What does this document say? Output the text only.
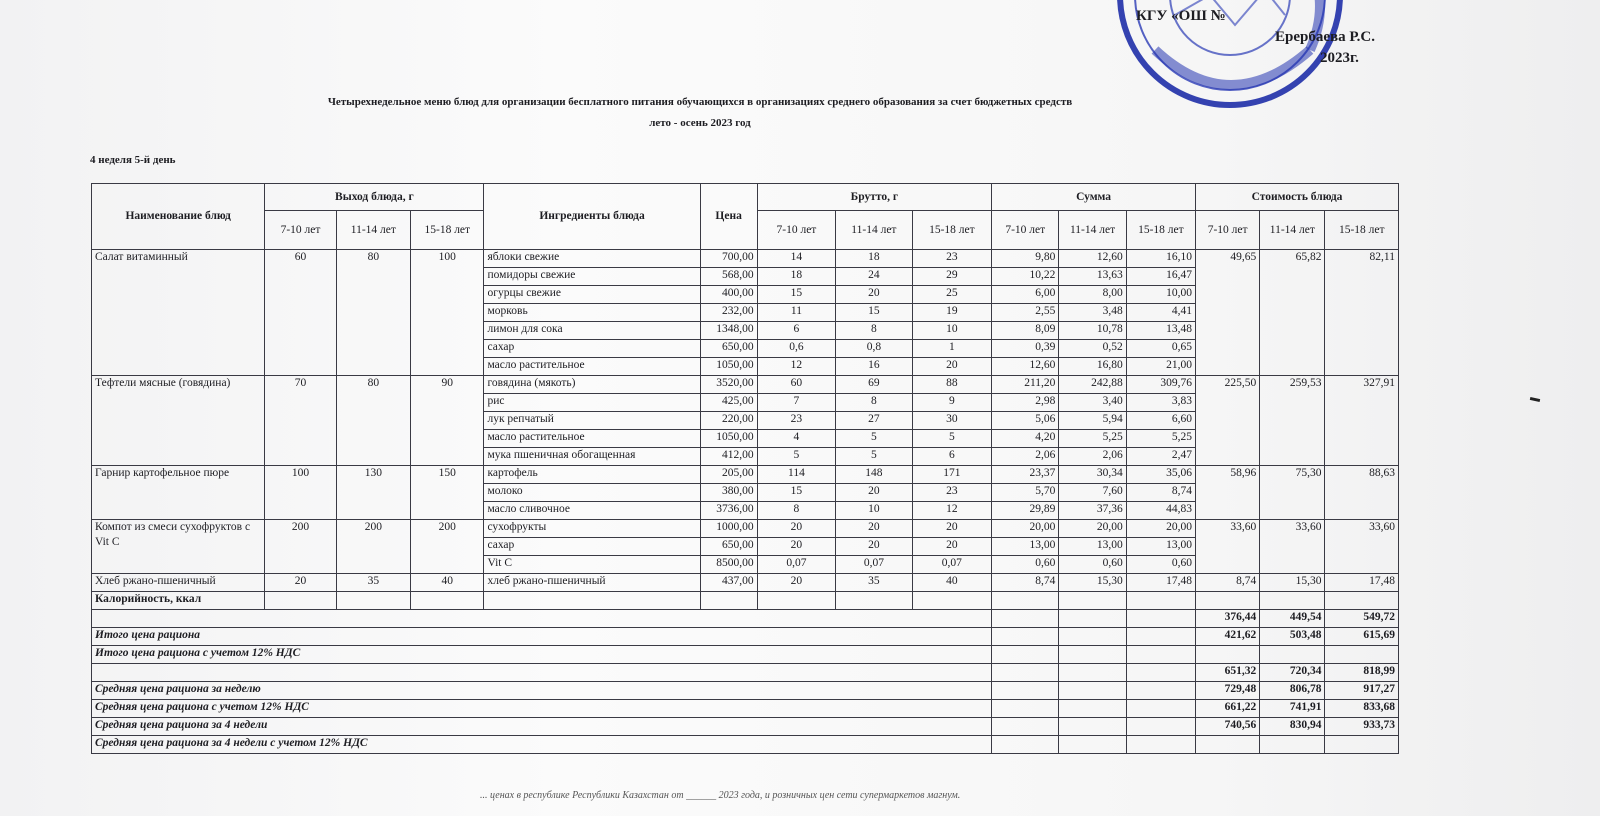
КГУ «ОШ №
Ерербаева Р.С.
2023г.
Четырехнедельное меню блюд для организации бесплатного питания обучающихся в организациях среднего образования за счет бюджетных средств
лето - осень 2023 год
4 неделя 5-й день
Наименование блюд	Выход блюда, г			Ингредиенты блюда	Цена	Брутто, г			Сумма			Стоимость блюда		
	7-10 лет	11-14 лет	15-18 лет			7-10 лет	11-14 лет	15-18 лет	7-10 лет	11-14 лет	15-18 лет	7-10 лет	11-14 лет	15-18 лет
Салат витаминный	60	80	100	яблоки свежие	700,00	14	18	23	9,80	12,60	16,10	49,65	65,82	82,11
				помидоры свежие	568,00	18	24	29	10,22	13,63	16,47			
				огурцы свежие	400,00	15	20	25	6,00	8,00	10,00			
				морковь	232,00	11	15	19	2,55	3,48	4,41			
				лимон для сока	1348,00	6	8	10	8,09	10,78	13,48			
				сахар	650,00	0,6	0,8	1	0,39	0,52	0,65			
				масло растительное	1050,00	12	16	20	12,60	16,80	21,00			
Тефтели мясные (говядина)	70	80	90	говядина (мякоть)	3520,00	60	69	88	211,20	242,88	309,76	225,50	259,53	327,91
				рис	425,00	7	8	9	2,98	3,40	3,83			
				лук репчатый	220,00	23	27	30	5,06	5,94	6,60			
				масло растительное	1050,00	4	5	5	4,20	5,25	5,25			
				мука пшеничная обогащенная	412,00	5	5	6	2,06	2,06	2,47			
Гарнир картофельное пюре	100	130	150	картофель	205,00	114	148	171	23,37	30,34	35,06	58,96	75,30	88,63
				молоко	380,00	15	20	23	5,70	7,60	8,74			
				масло сливочное	3736,00	8	10	12	29,89	37,36	44,83			
Компот из смеси сухофруктов с Vit C	200	200	200	сухофрукты	1000,00	20	20	20	20,00	20,00	20,00	33,60	33,60	33,60
				сахар	650,00	20	20	20	13,00	13,00	13,00			
				Vit C	8500,00	0,07	0,07	0,07	0,60	0,60	0,60			
Хлеб ржано-пшеничный	20	35	40	хлеб ржано-пшеничный	437,00	20	35	40	8,74	15,30	17,48	8,74	15,30	17,48
Калорийность, ккал														
												376,44	449,54	549,72
Итого цена рациона												421,62	503,48	615,69
Итого цена рациона с учетом 12% НДС														
												651,32	720,34	818,99
Средняя цена рациона за неделю												729,48	806,78	917,27
Средняя цена рациона с учетом 12% НДС												661,22	741,91	833,68
Средняя цена рациона за 4 недели												740,56	830,94	933,73
Средняя цена рациона за 4 недели с учетом 12% НДС														
... ценах в республике Республики Казахстан от ______ 2023 года, и розничных цен сети супермаркетов магнум.
